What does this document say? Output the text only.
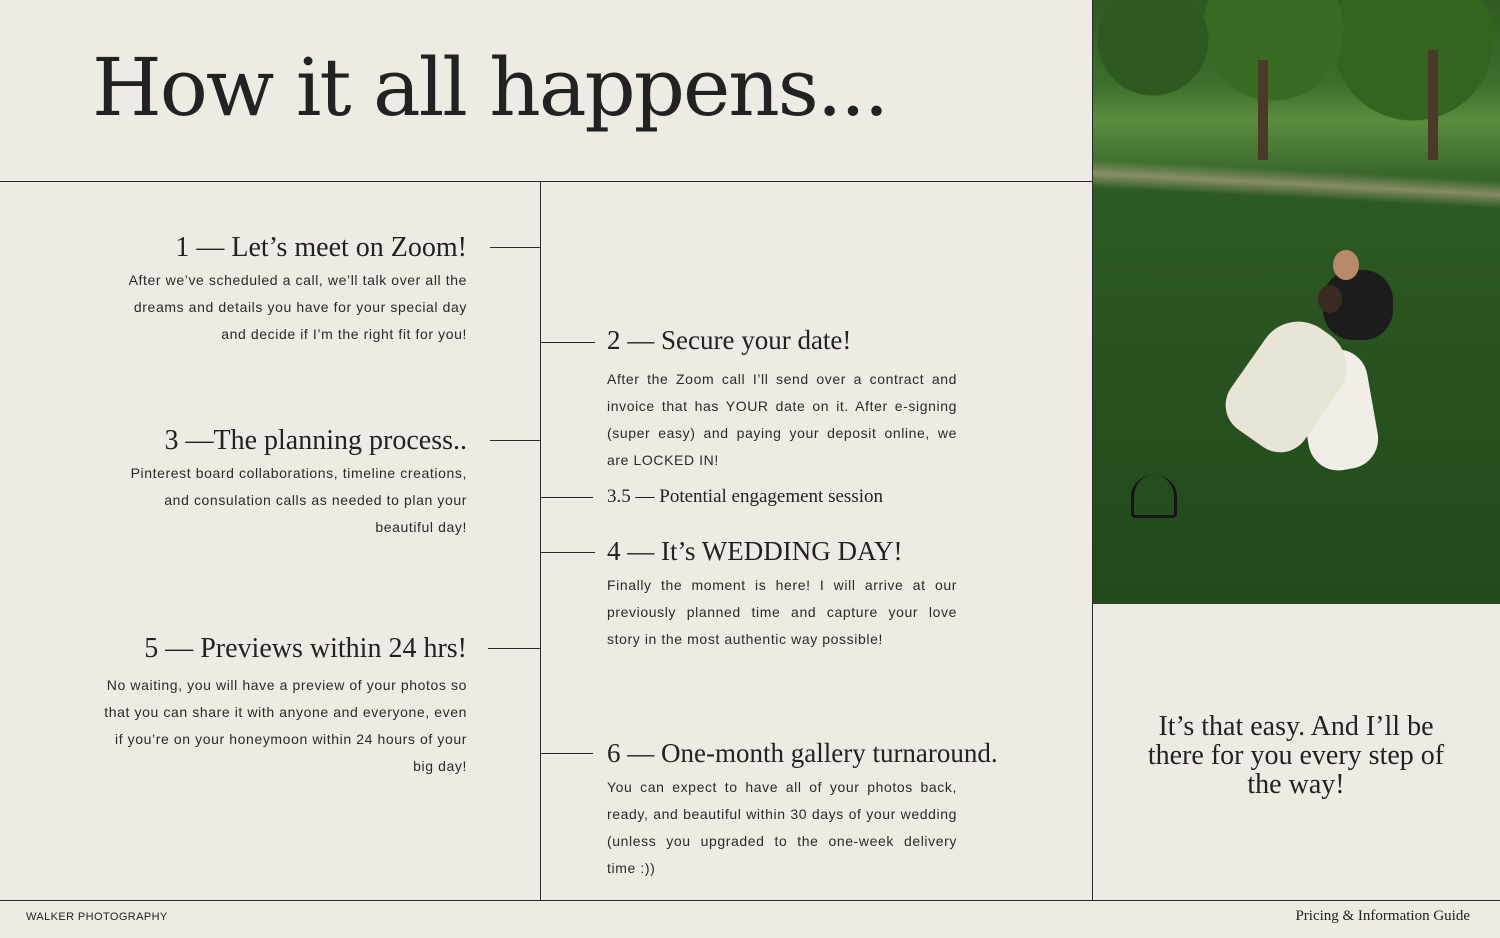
How it all happens...
1 — Let’s meet on Zoom!

After we’ve scheduled a call, we’ll talk over all the dreams and details you have for your special day and decide if I’m the right fit for you!

3 —The planning process..

Pinterest board collaborations, timeline creations, and consulation calls as needed to plan your beautiful day!

5 — Previews within 24 hrs!

No waiting, you will have a preview of your photos so that you can share it with anyone and everyone, even if you’re on your honeymoon within 24 hours of your big day!

2 — Secure your date!

After the Zoom call I’ll send over a contract and invoice that has YOUR date on it. After e-signing (super easy) and paying your deposit online, we are LOCKED IN!

3.5 — Potential engagement session
4 — It’s WEDDING DAY!

Finally the moment is here! I will arrive at our previously planned time and capture your love story in the most authentic way possible!

6 — One-month gallery turnaround.

You can expect to have all of your photos back, ready, and beautiful within 30 days of your wedding (unless you upgraded to the one-week delivery time :))

It’s that easy. And I’ll be there for you every step of the way!

WALKER PHOTOGRAPHY	Pricing & Information Guide
